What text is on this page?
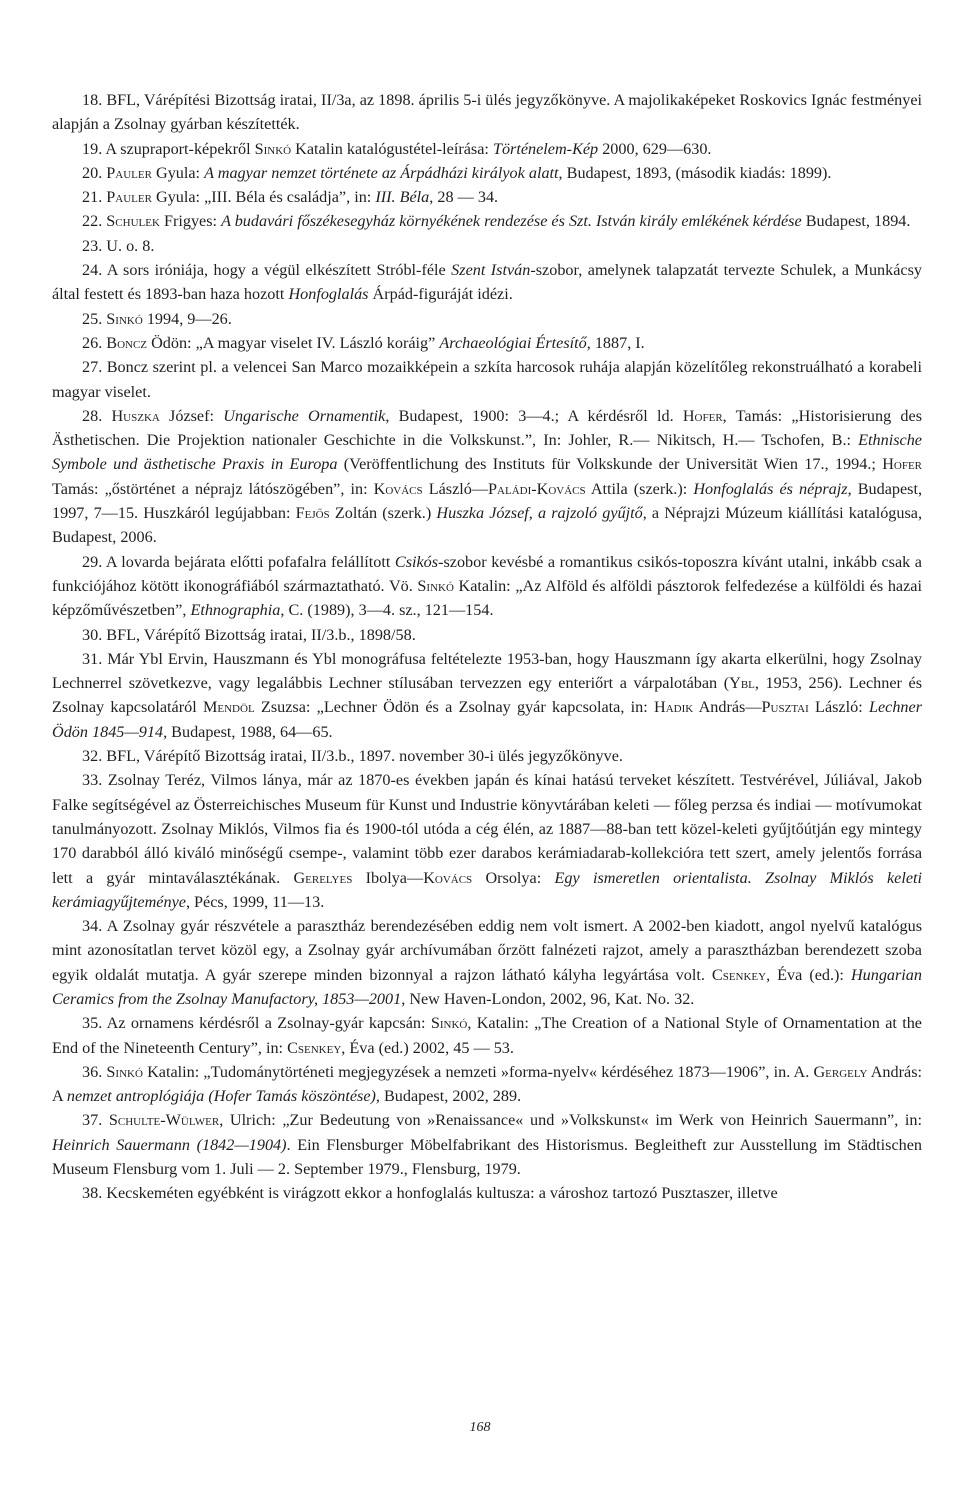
18. BFL, Várépítési Bizottság iratai, II/3a, az 1898. április 5-i ülés jegyzőkönyve. A majolikaképeket Roskovics Ignác festményei alapján a Zsolnay gyárban készítették.

19. A szupraport-képekről Sinkó Katalin katalógustétel-leírása: Történelem-Kép 2000, 629—630.

20. Pauler Gyula: A magyar nemzet története az Árpádházi királyok alatt, Budapest, 1893, (második kiadás: 1899).

21. Pauler Gyula: „III. Béla és családja”, in: III. Béla, 28 — 34.

22. Schulek Frigyes: A budavári főszékesegyház környékének rendezése és Szt. István király emlékének kérdése Budapest, 1894.

23. U. o. 8.

24. A sors iróniája, hogy a végül elkészített Stróbl-féle Szent István-szobor, amelynek talapzatát tervezte Schulek, a Munkácsy által festett és 1893-ban haza hozott Honfoglalás Árpád-figuráját idézi.

25. Sinkó 1994, 9—26.

26. Boncz Ödön: „A magyar viselet IV. László koráig” Archaeológiai Értesítő, 1887, I.

27. Boncz szerint pl. a velencei San Marco mozaikképein a szkíta harcosok ruhája alapján közelítőleg rekonstruálható a korabeli magyar viselet.

28. Huszka József: Ungarische Ornamentik, Budapest, 1900: 3—4.; A kérdésről ld. Hofer, Tamás: „Historisierung des Ästhetischen. Die Projektion nationaler Geschichte in die Volkskunst.”, In: Johler, R.— Nikitsch, H.— Tschofen, B.: Ethnische Symbole und ästhetische Praxis in Europa (Veröffentlichung des Instituts für Volkskunde der Universität Wien 17., 1994.; Hofer Tamás: „őstörténet a néprajz látószögében”, in: Kovács László—Paládi-Kovács Attila (szerk.): Honfoglalás és néprajz, Budapest, 1997, 7—15. Huszkáról legújabban: Fejős Zoltán (szerk.) Huszka József, a rajzoló gyűjtő, a Néprajzi Múzeum kiállítási katalógusa, Budapest, 2006.

29. A lovarda bejárata előtti pofafalra felállított Csikós-szobor kevésbé a romantikus csikós-toposzra kívánt utalni, inkább csak a funkciójához kötött ikonográfiából származtatható. Vö. Sinkó Katalin: „Az Alföld és alföldi pásztorok felfedezése a külföldi és hazai képzőművészetben”, Ethnographia, C. (1989), 3—4. sz., 121—154.

30. BFL, Várépítő Bizottság iratai, II/3.b., 1898/58.

31. Már Ybl Ervin, Hauszmann és Ybl monográfusa feltételezte 1953-ban, hogy Hauszmann így akarta elkerülni, hogy Zsolnay Lechnerrel szövetkezve, vagy legalábbis Lechner stílusában tervezzen egy enteriőrt a várpalotában (Ybl, 1953, 256). Lechner és Zsolnay kapcsolatáról Mendöl Zsuzsa: „Lechner Ödön és a Zsolnay gyár kapcsolata, in: Hadik András—Pusztai László: Lechner Ödön 1845—914, Budapest, 1988, 64—65.

32. BFL, Várépítő Bizottság iratai, II/3.b., 1897. november 30-i ülés jegyzőkönyve.

33. Zsolnay Teréz, Vilmos lánya, már az 1870-es években japán és kínai hatású terveket készített. Testvérével, Júliával, Jakob Falke segítségével az Österreichisches Museum für Kunst und Industrie könyvtárában keleti — főleg perzsa és indiai — motívumokat tanulmányozott. Zsolnay Miklós, Vilmos fia és 1900-tól utóda a cég élén, az 1887—88-ban tett közel-keleti gyűjtőútján egy mintegy 170 darabból álló kiváló minőségű csempe-, valamint több ezer darabos kerámiadarab-kollekcióra tett szert, amely jelentős forrása lett a gyár mintaválasztékának. Gerelyes Ibolya—Kovács Orsolya: Egy ismeretlen orientalista. Zsolnay Miklós keleti kerámiagyűjteménye, Pécs, 1999, 11—13.

34. A Zsolnay gyár részvétele a parasztház berendezésében eddig nem volt ismert. A 2002-ben kiadott, angol nyelvű katalógus mint azonosítatlan tervet közöl egy, a Zsolnay gyár archívumában őrzött falnézeti rajzot, amely a parasztházban berendezett szoba egyik oldalát mutatja. A gyár szerepe minden bizonnyal a rajzon látható kályha legyártása volt. Csenkey, Éva (ed.): Hungarian Ceramics from the Zsolnay Manufactory, 1853—2001, New Haven-London, 2002, 96, Kat. No. 32.

35. Az ornamens kérdésről a Zsolnay-gyár kapcsán: Sinkó, Katalin: „The Creation of a National Style of Ornamentation at the End of the Nineteenth Century”, in: Csenkey, Éva (ed.) 2002, 45 — 53.

36. Sinkó Katalin: „Tudománytörténeti megjegyzések a nemzeti »forma-nyelv« kérdéséhez 1873—1906”, in. A. Gergely András: A nemzet antroplógiája (Hofer Tamás köszöntése), Budapest, 2002, 289.

37. Schulte-Wülwer, Ulrich: „Zur Bedeutung von »Renaissance« und »Volkskunst« im Werk von Heinrich Sauermann”, in: Heinrich Sauermann (1842—1904). Ein Flensburger Möbelfabrikant des Historismus. Begleitheft zur Ausstellung im Städtischen Museum Flensburg vom 1. Juli — 2. September 1979., Flensburg, 1979.

38. Kecskeméten egyébként is virágzott ekkor a honfoglalás kultusza: a városhoz tartozó Pusztaszer, illetve

168
